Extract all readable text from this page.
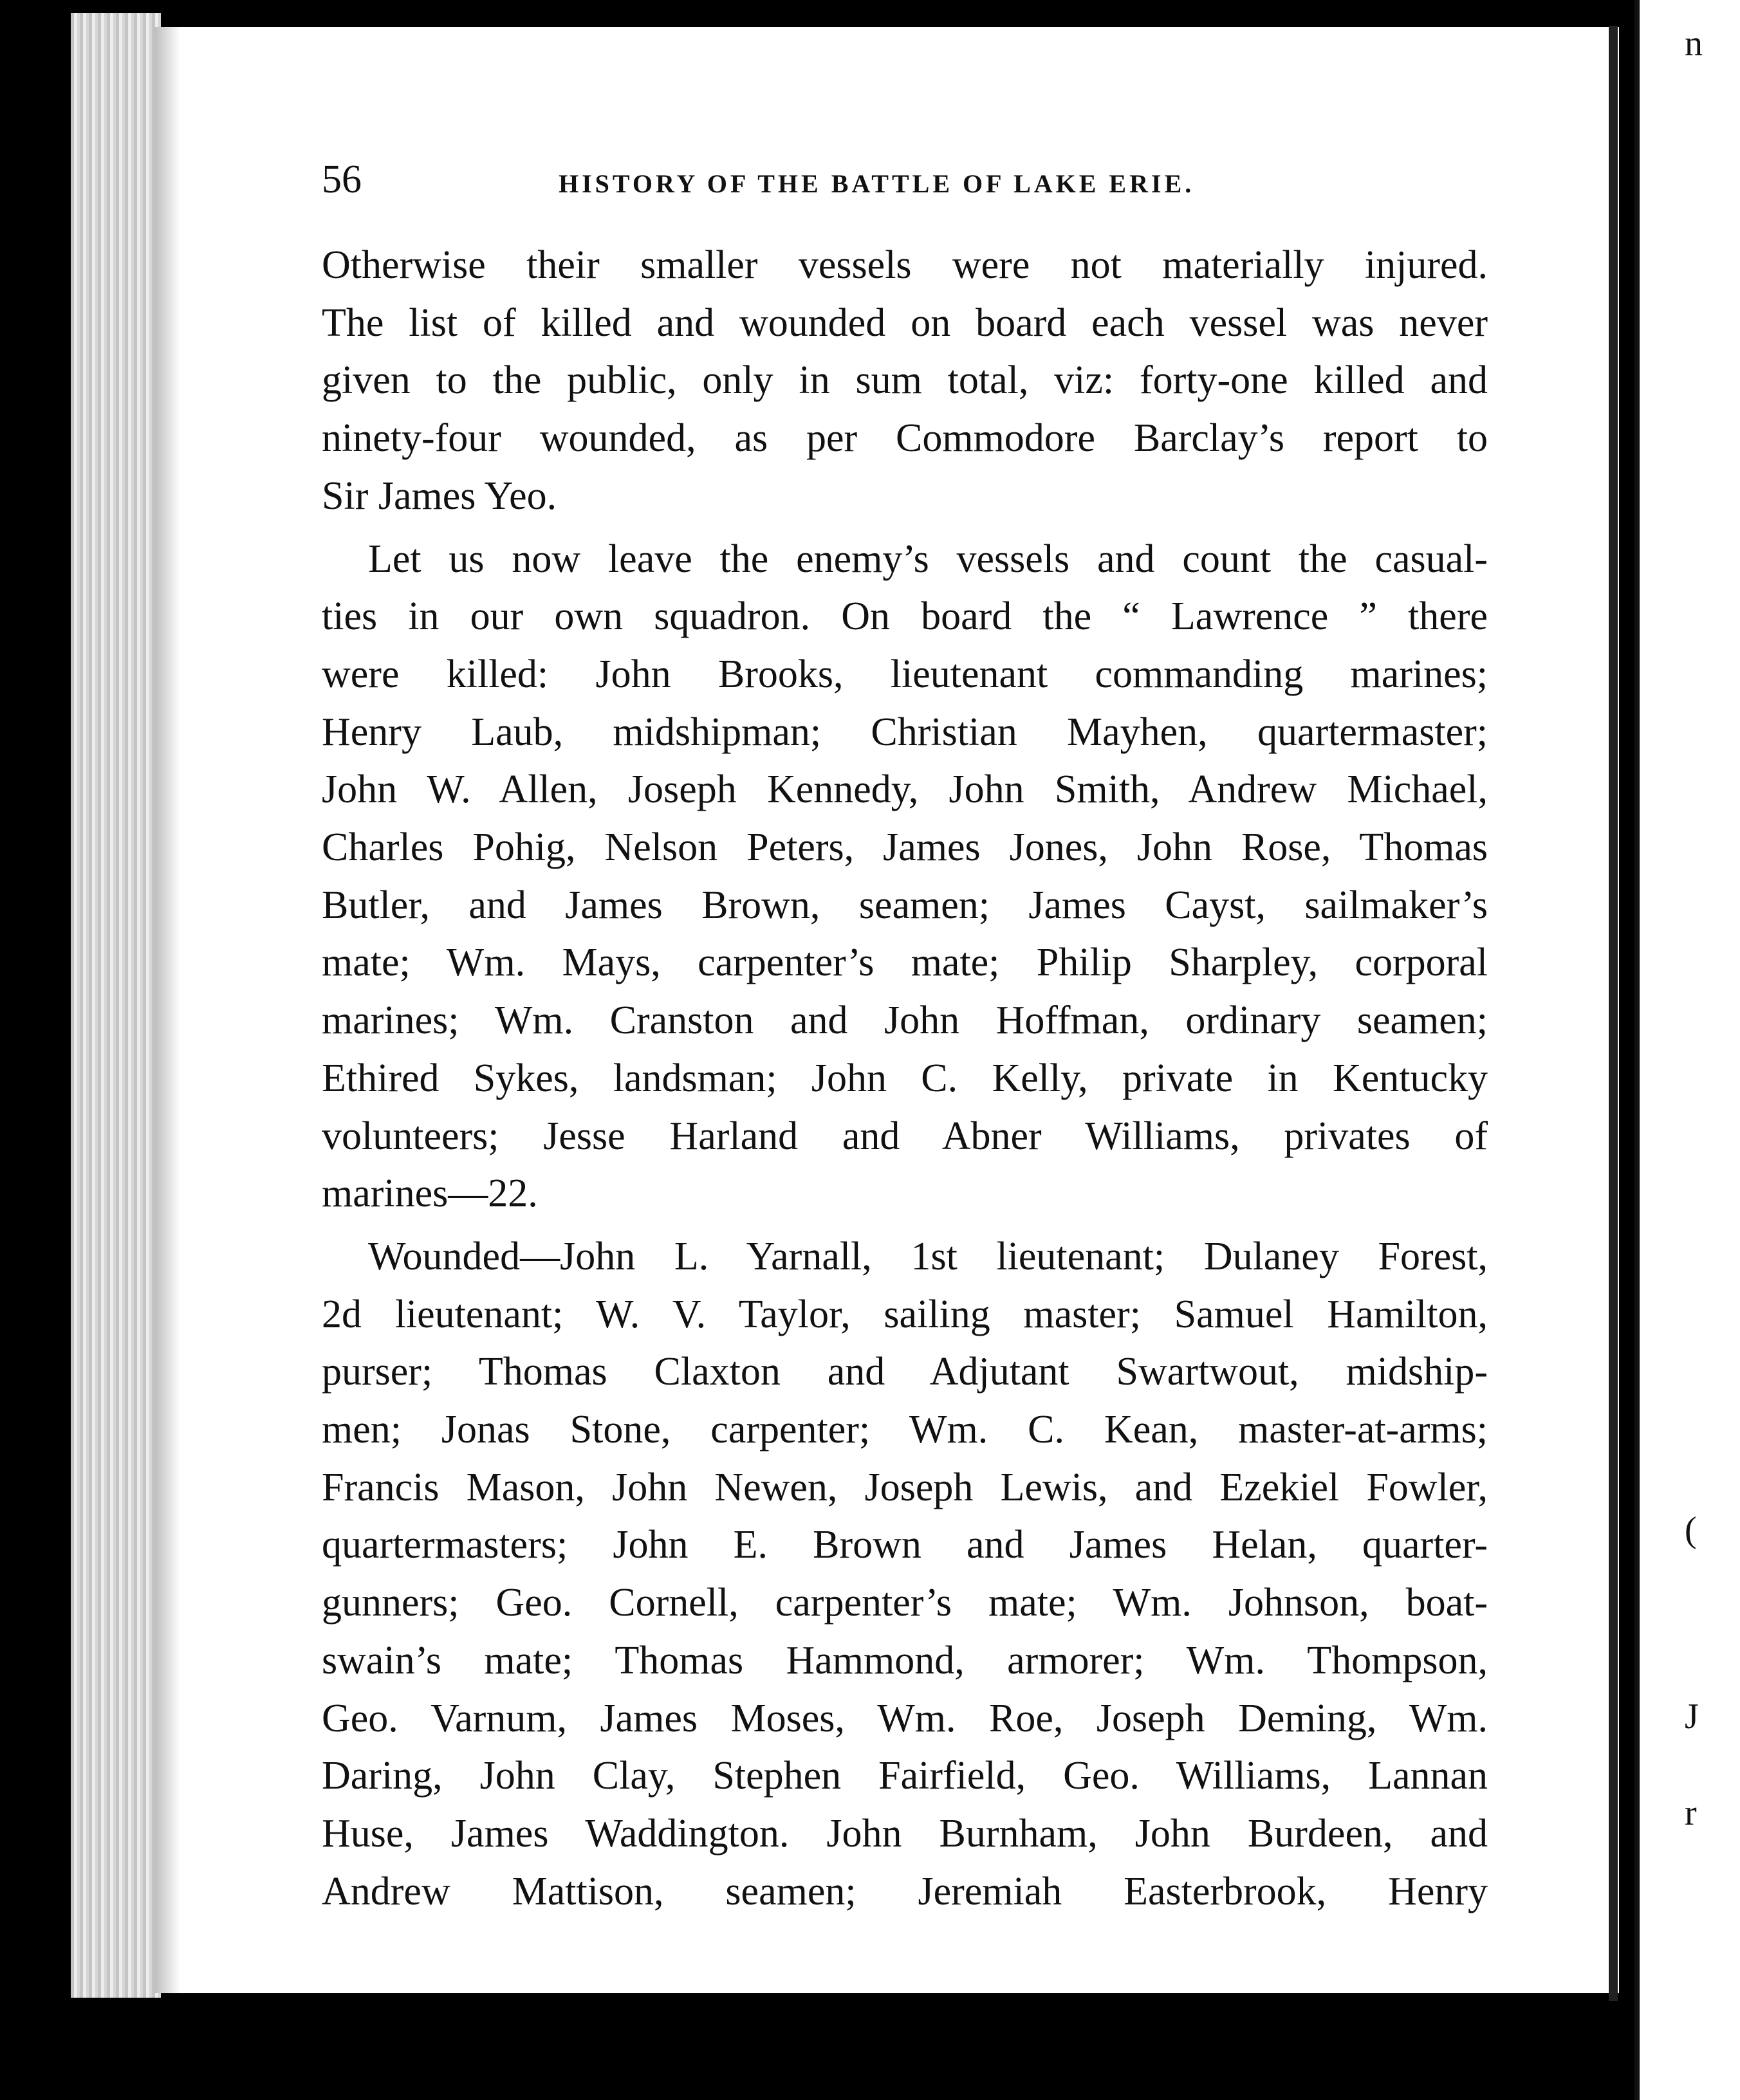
n
r
J
(
56	HISTORY OF THE BATTLE OF LAKE ERIE.
Otherwise their smaller vessels were not materially injured.
The list of killed and wounded on board each vessel was never
given to the public, only in sum total, viz: forty-one killed and
ninety-four wounded, as per Commodore Barclay’s report to
Sir James Yeo.
Let us now leave the enemy’s vessels and count the casual-
ties in our own squadron. On board the “ Lawrence ” there
were killed: John Brooks, lieutenant commanding marines;
Henry Laub, midshipman; Christian Mayhen, quartermaster;
John W. Allen, Joseph Kennedy, John Smith, Andrew Michael,
Charles Pohig, Nelson Peters, James Jones, John Rose, Thomas
Butler, and James Brown, seamen; James Cayst, sailmaker’s
mate; Wm. Mays, carpenter’s mate; Philip Sharpley, corporal
marines; Wm. Cranston and John Hoffman, ordinary seamen;
Ethired Sykes, landsman; John C. Kelly, private in Kentucky
volunteers; Jesse Harland and Abner Williams, privates of
marines—22.
Wounded—John L. Yarnall, 1st lieutenant; Dulaney Forest,
2d lieutenant; W. V. Taylor, sailing master; Samuel Hamilton,
purser; Thomas Claxton and Adjutant Swartwout, midship-
men; Jonas Stone, carpenter; Wm. C. Kean, master-at-arms;
Francis Mason, John Newen, Joseph Lewis, and Ezekiel Fowler,
quartermasters; John E. Brown and James Helan, quarter-
gunners; Geo. Cornell, carpenter’s mate; Wm. Johnson, boat-
swain’s mate; Thomas Hammond, armorer; Wm. Thompson,
Geo. Varnum, James Moses, Wm. Roe, Joseph Deming, Wm.
Daring, John Clay, Stephen Fairfield, Geo. Williams, Lannan
Huse, James Waddington. John Burnham, John Burdeen, and
Andrew Mattison, seamen; Jeremiah Easterbrook, Henry
